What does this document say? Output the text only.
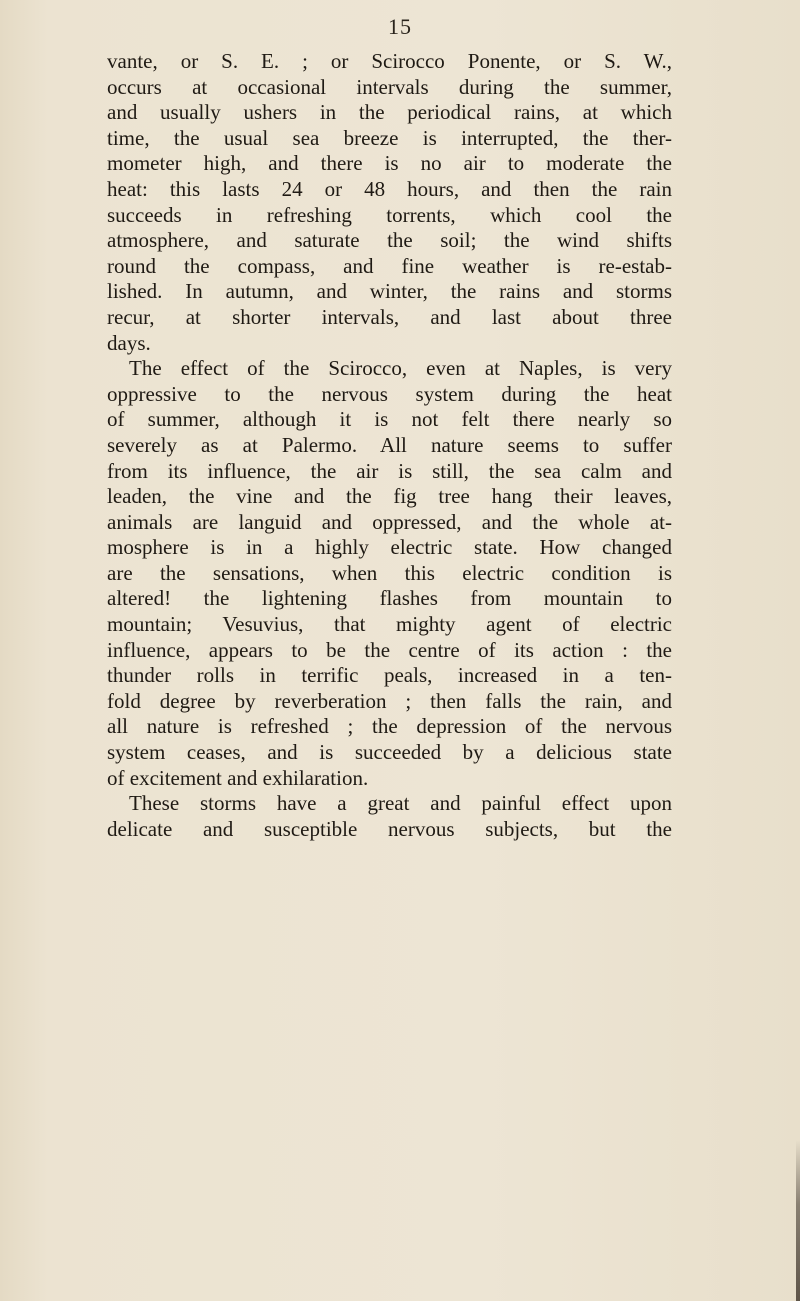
15
vante, or S. E. ; or Scirocco Ponente, or S. W.,
occurs at occasional intervals during the summer,
and usually ushers in the periodical rains, at which
time, the usual sea breeze is interrupted, the ther-
mometer high, and there is no air to moderate the
heat: this lasts 24 or 48 hours, and then the rain
succeeds in refreshing torrents, which cool the
atmosphere, and saturate the soil; the wind shifts
round the compass, and fine weather is re-estab-
lished. In autumn, and winter, the rains and storms
recur, at shorter intervals, and last about three
days.
The effect of the Scirocco, even at Naples, is very
oppressive to the nervous system during the heat
of summer, although it is not felt there nearly so
severely as at Palermo. All nature seems to suffer
from its influence, the air is still, the sea calm and
leaden, the vine and the fig tree hang their leaves,
animals are languid and oppressed, and the whole at-
mosphere is in a highly electric state. How changed
are the sensations, when this electric condition is
altered! the lightening flashes from mountain to
mountain; Vesuvius, that mighty agent of electric
influence, appears to be the centre of its action : the
thunder rolls in terrific peals, increased in a ten-
fold degree by reverberation ; then falls the rain, and
all nature is refreshed ; the depression of the nervous
system ceases, and is succeeded by a delicious state
of excitement and exhilaration.
These storms have a great and painful effect upon
delicate and susceptible nervous subjects, but the
